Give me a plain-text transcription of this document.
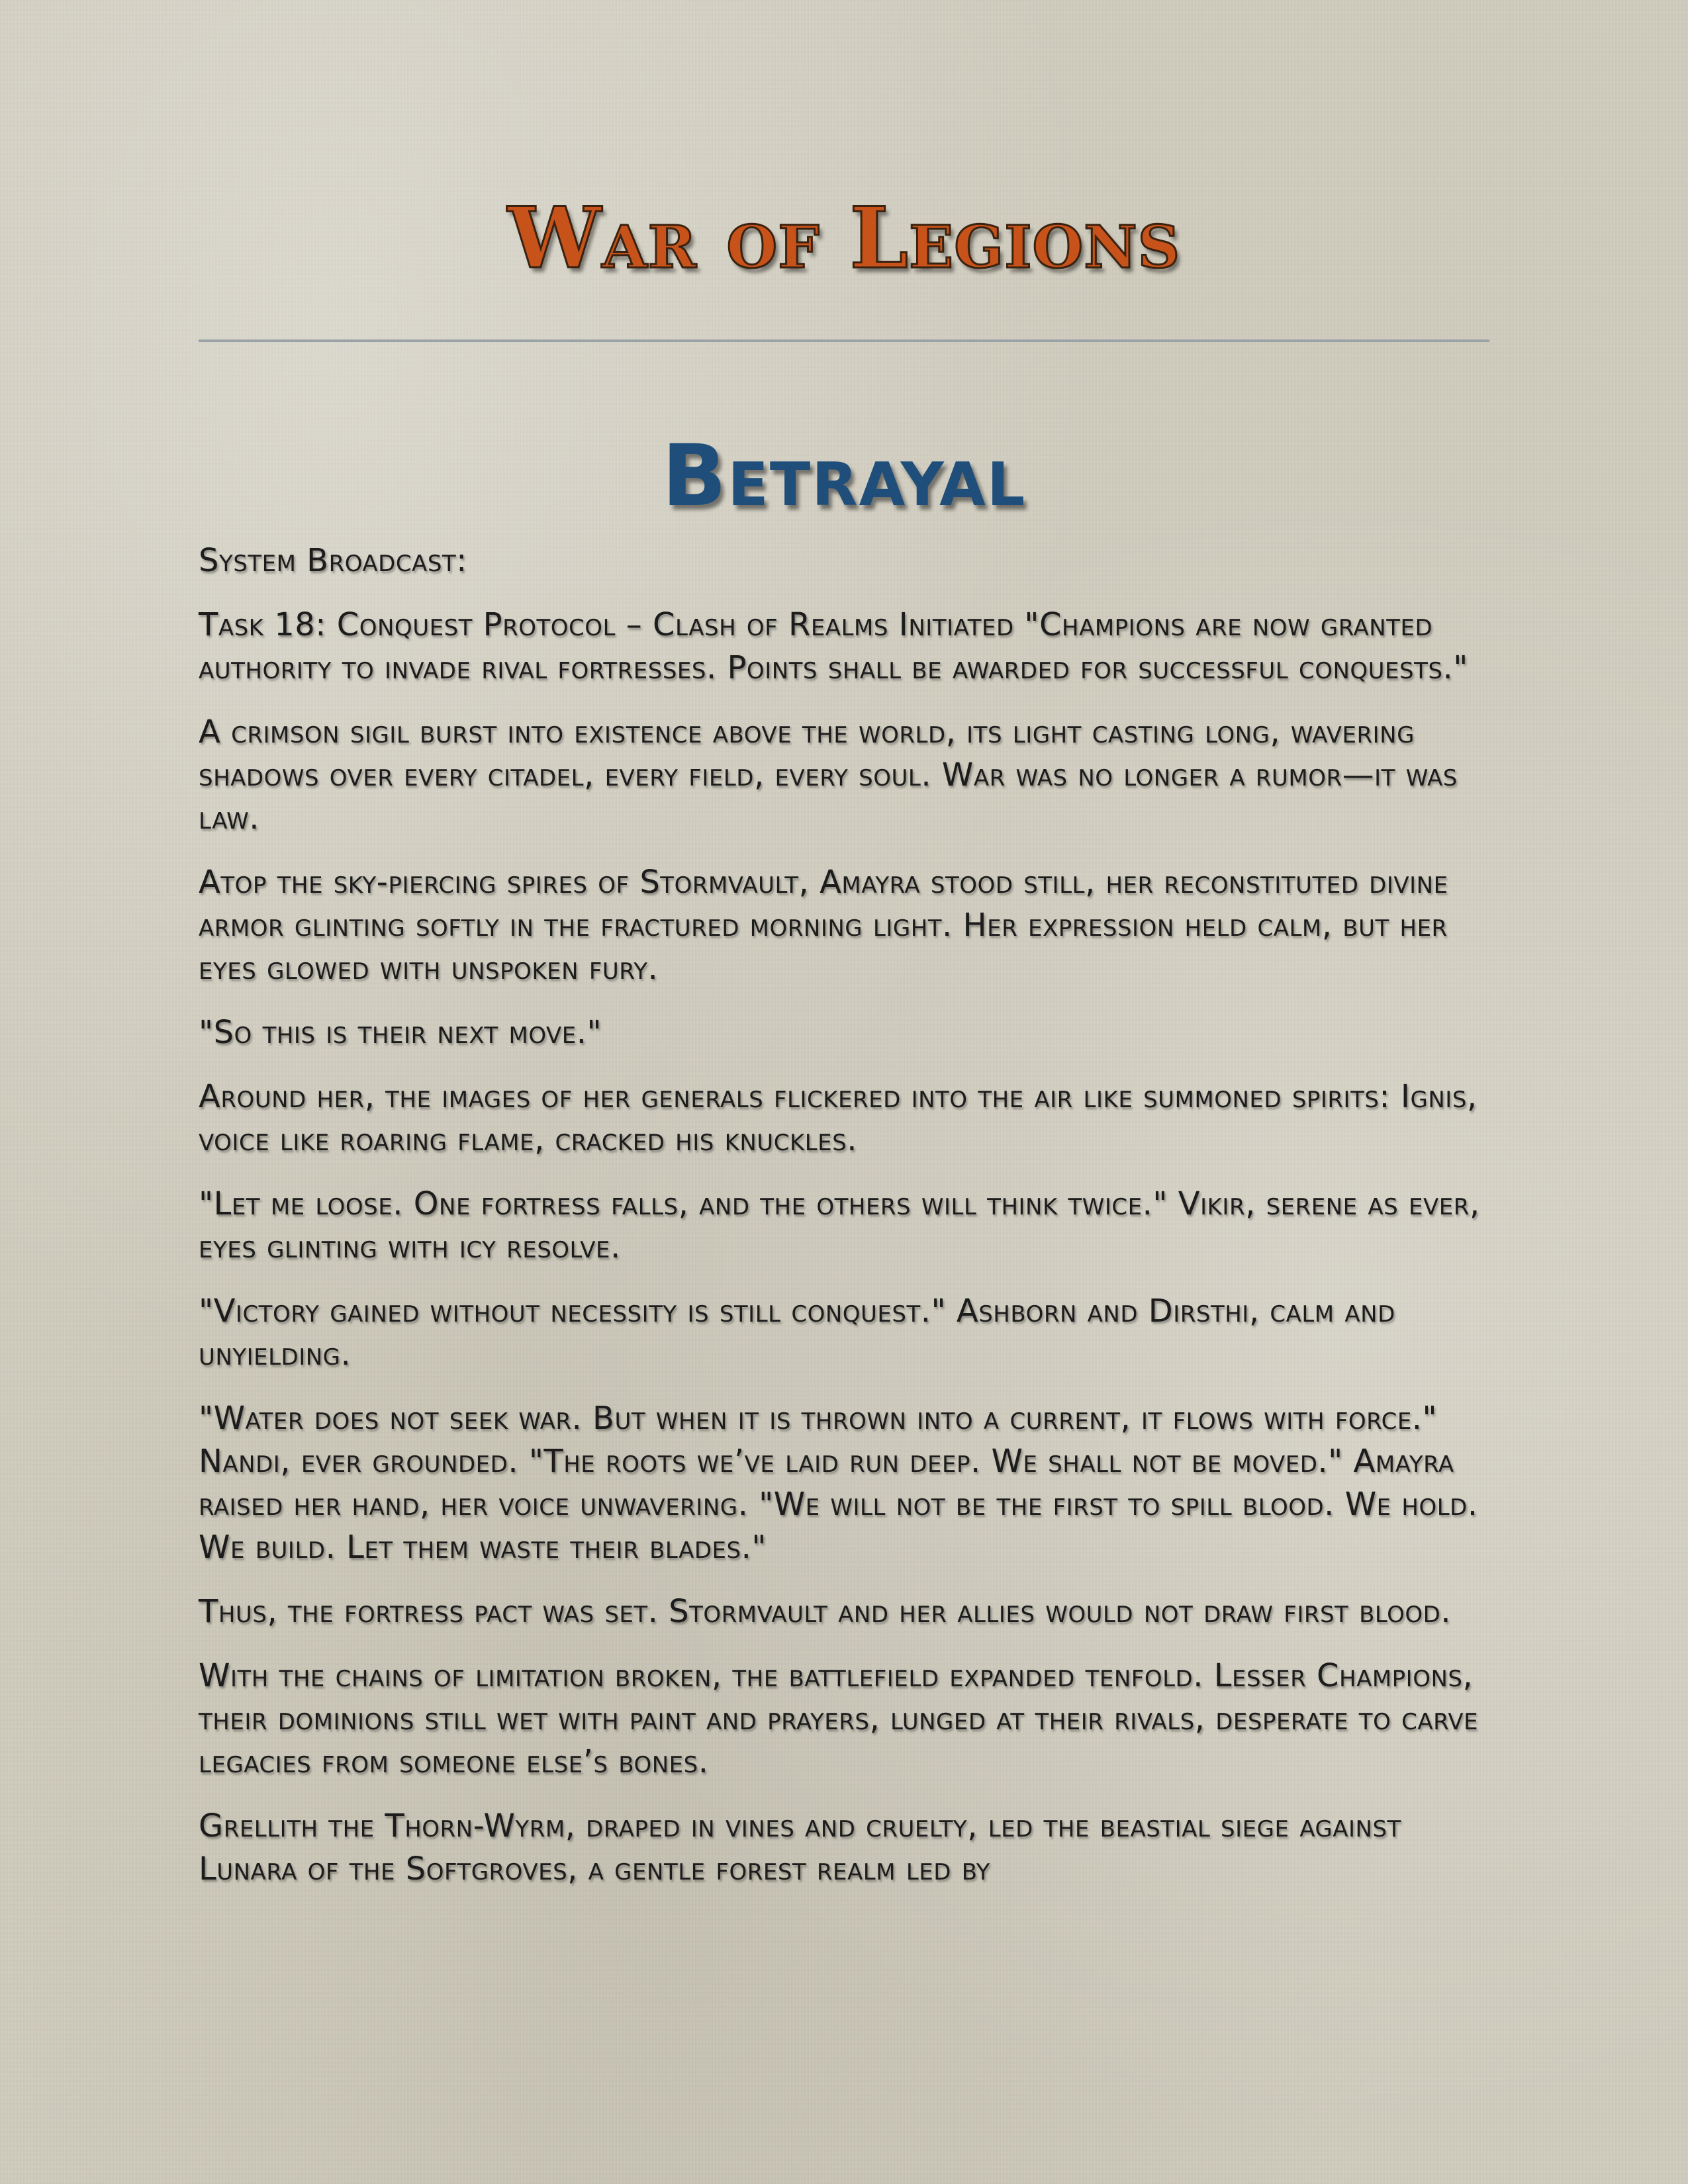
War of Legions
Betrayal

System Broadcast:

Task 18: Conquest Protocol – Clash of Realms Initiated "Champions are now granted authority to invade rival fortresses. Points shall be awarded for successful conquests."

A crimson sigil burst into existence above the world, its light casting long, wavering shadows over every citadel, every field, every soul. War was no longer a rumor—it was law.

Atop the sky-piercing spires of Stormvault, Amayra stood still, her reconstituted divine armor glinting softly in the fractured morning light. Her expression held calm, but her eyes glowed with unspoken fury.

"So this is their next move."

Around her, the images of her generals flickered into the air like summoned spirits: Ignis, voice like roaring flame, cracked his knuckles.

"Let me loose. One fortress falls, and the others will think twice." Vikir, serene as ever, eyes glinting with icy resolve.

"Victory gained without necessity is still conquest." Ashborn and Dirsthi, calm and unyielding.

"Water does not seek war. But when it is thrown into a current, it flows with force." Nandi, ever grounded. "The roots we’ve laid run deep. We shall not be moved." Amayra raised her hand, her voice unwavering. "We will not be the first to spill blood. We hold. We build. Let them waste their blades."

Thus, the fortress pact was set. Stormvault and her allies would not draw first blood.

With the chains of limitation broken, the battlefield expanded tenfold. Lesser Champions, their dominions still wet with paint and prayers, lunged at their rivals, desperate to carve legacies from someone else’s bones.

Grellith the Thorn-Wyrm, draped in vines and cruelty, led the beastial siege against Lunara of the Softgroves, a gentle forest realm led by
